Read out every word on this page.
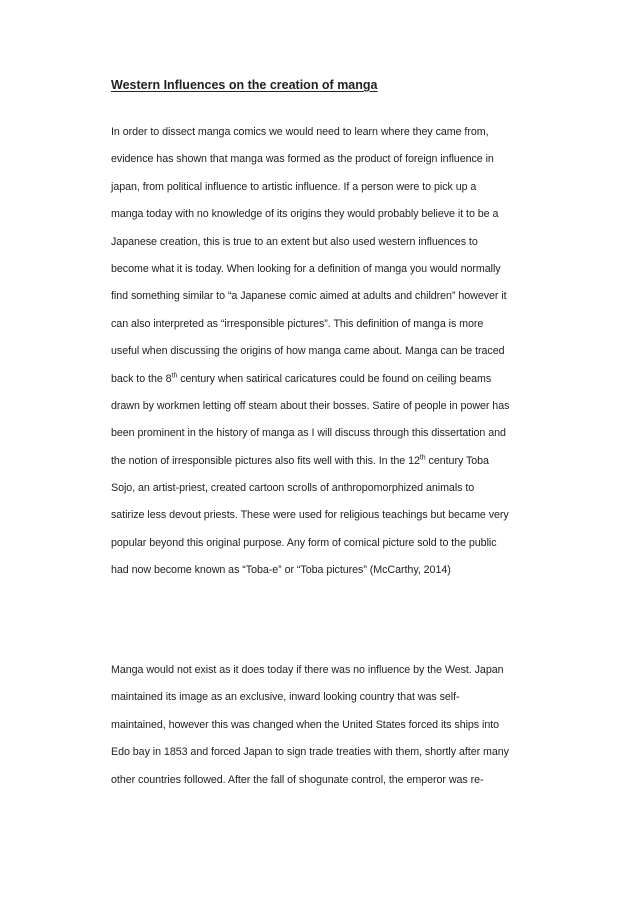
Western Influences on the creation of manga
In order to dissect manga comics we would need to learn where they came from,
evidence has shown that manga was formed as the product of foreign influence in
japan, from political influence to artistic influence. If a person were to pick up a
manga today with no knowledge of its origins they would probably believe it to be a
Japanese creation, this is true to an extent but also used western influences to
become what it is today. When looking for a definition of manga you would normally
find something similar to “a Japanese comic aimed at adults and children” however it
can also interpreted as “irresponsible pictures”. This definition of manga is more
useful when discussing the origins of how manga came about. Manga can be traced
back to the 8th century when satirical caricatures could be found on ceiling beams
drawn by workmen letting off steam about their bosses. Satire of people in power has
been prominent in the history of manga as I will discuss through this dissertation and
the notion of irresponsible pictures also fits well with this. In the 12th century Toba
Sojo, an artist-priest, created cartoon scrolls of anthropomorphized animals to
satirize less devout priests. These were used for religious teachings but became very
popular beyond this original purpose. Any form of comical picture sold to the public
had now become known as “Toba-e” or “Toba pictures” (McCarthy, 2014)
Manga would not exist as it does today if there was no influence by the West. Japan
maintained its image as an exclusive, inward looking country that was self-
maintained, however this was changed when the United States forced its ships into
Edo bay in 1853 and forced Japan to sign trade treaties with them, shortly after many
other countries followed. After the fall of shogunate control, the emperor was re-
